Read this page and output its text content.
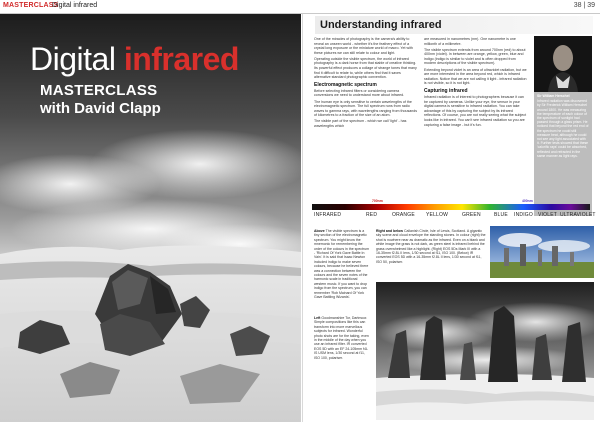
MASTERCLASS
Digital infrared	38 | 39
Digital infrared
MASTERCLASS
with David Clapp
Understanding infrared

One of the miracles of photography is the camera's ability to reveal an unseen world - whether it's the feathery effect of a crystal long exposure or the miniature world of macro. Yet with these pictures we can still relate to colour and light.

Operating outside the visible spectrum, the world of infrared photography is a dark horse from that stable of creative thinking. Its powerful effect produces a collage of strange tones that many find it difficult to relate to, while others find that it saves alternative standard photographic convention.

Electromagnetic spectrum

Before selecting infrared filters or considering camera conversions we need to understand more about infrared.

The human eye is only sensitive to certain wavelengths of the electromagnetic spectrum. The full spectrum runs from radio waves to gamma rays, with wavelengths ranging from thousands of kilometres to a fraction of the size of an atom.

The visible part of the spectrum - which we call 'light' - has wavelengths which

are measured in nanometres (nm). One nanometre is one millionth of a millimetre.

The visible spectrum extends from around 700nm (red) to about 400nm (violet). In between are orange, yellow, green, blue and indigo (indigo is similar to violet and is often dropped from modern descriptions of the visible spectrum).

Extending beyond violet is an area of ultraviolet radiation, but we are more interested in the area beyond red, which is infrared radiation. Notice that we are not calling it light - infrared radiation is not visible, so it is not light.

Capturing infrared

Infrared radiation is of interest to photographers because it can be captured by cameras. Unlike your eye, the sensor in your digital camera is sensitive to infrared radiation. You can take advantage of this by capturing the subject by its infrared reflections. Of course, you are not really seeing what the subject looks like in infrared. You can't see infrared radiation so you are capturing a false image - but it's fun.

Sir William Herschel
Infrared radiation was discovered by Sir Frederick William Herschel around 1800. He was measuring the temperature of each colour of the spectrum of sunlight had passed through a glass prism. He noticed that beyond the red end of the spectrum he could still measure heat, although he could not see any light associated with it. Further tests showed that these 'calorific rays' could be absorbed, reflected and refracted in the same manner as light rays.
700nm	400nm
INFRARED	RED	ORANGE YELLOW	GREEN	BLUE INDIGO VIOLET ULTRAVIOLET
Above The visible spectrum is a tiny section of the electromagnetic spectrum. You might know the mnemonic for remembering the order of the colours in the spectrum - 'Richard Of York Gave Battle In Vain'. It is said that Isaac Newton included indigo to make seven colours, because he believed there was a connection between the colours and the seven notes of the harmonic scale in traditional western music. If you want to drop indigo from the spectrum, you can remember 'Rob Mainard Of York Gave Battling Wizards'.
Left Goodmanshire Tor, Dartmoor. Simple compositions like this can transform into more marvellous subjects for infrared. Wonderful photo shots are for the taking, even in the middle of the day when you use an infrared filter. IR converted EOS 5D with an EF 24-105mm f4L IS USM lens, 1/30 second at f11, ISO 100, polariser.
Right and below Callanish Circle, Isle of Lewis, Scotland. A gigantic sky scene and cloud envelope the standing stones. In colour (right) the shot is nowhere near as dramatic as the infrared. Even on a blank and white image the grass is not dark, as green steel is infrared behind the grass overwhelmed like a highlight. (Right) EOS 5Ds Mark III with a 16-35mm f2.8L II lens, 1/30 second at f11, ISO 100. (Below) IR converted EOS 5D with a 16-35mm f2.8L II lens, 1/30 second at f11, ISO 50, polariser.
